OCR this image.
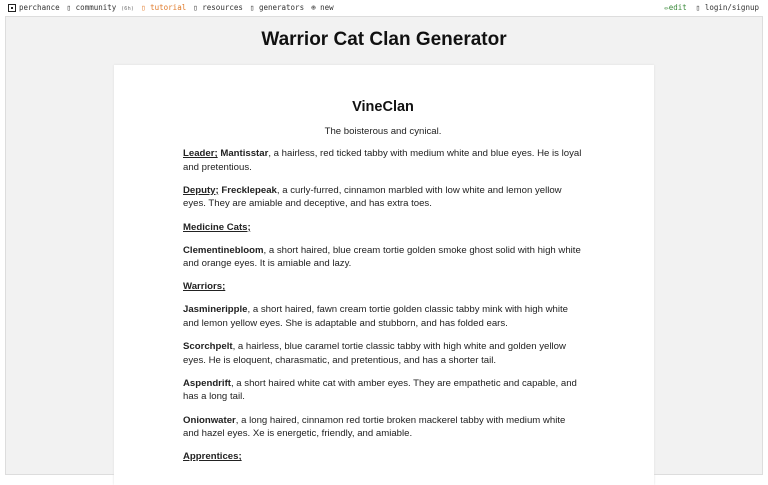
perchance ▯ community (6h) ▯ tutorial ▯ resources ▯ generators ⊕ new	✏edit ▯ login/signup
Warrior Cat Clan Generator
VineClan
The boisterous and cynical.

Leader; Mantisstar, a hairless, red ticked tabby with medium white and blue eyes. He is loyal and pretentious.

Deputy; Frecklepeak, a curly-furred, cinnamon marbled with low white and lemon yellow eyes. They are amiable and deceptive, and has extra toes.

Medicine Cats;

Clementinebloom, a short haired, blue cream tortie golden smoke ghost solid with high white and orange eyes. It is amiable and lazy.

Warriors;

Jasmineripple, a short haired, fawn cream tortie golden classic tabby mink with high white and lemon yellow eyes. She is adaptable and stubborn, and has folded ears.

Scorchpelt, a hairless, blue caramel tortie classic tabby with high white and golden yellow eyes. He is eloquent, charasmatic, and pretentious, and has a shorter tail.

Aspendrift, a short haired white cat with amber eyes. They are empathetic and capable, and has a long tail.

Onionwater, a long haired, cinnamon red tortie broken mackerel tabby with medium white and hazel eyes. Xe is energetic, friendly, and amiable.

Apprentices;
